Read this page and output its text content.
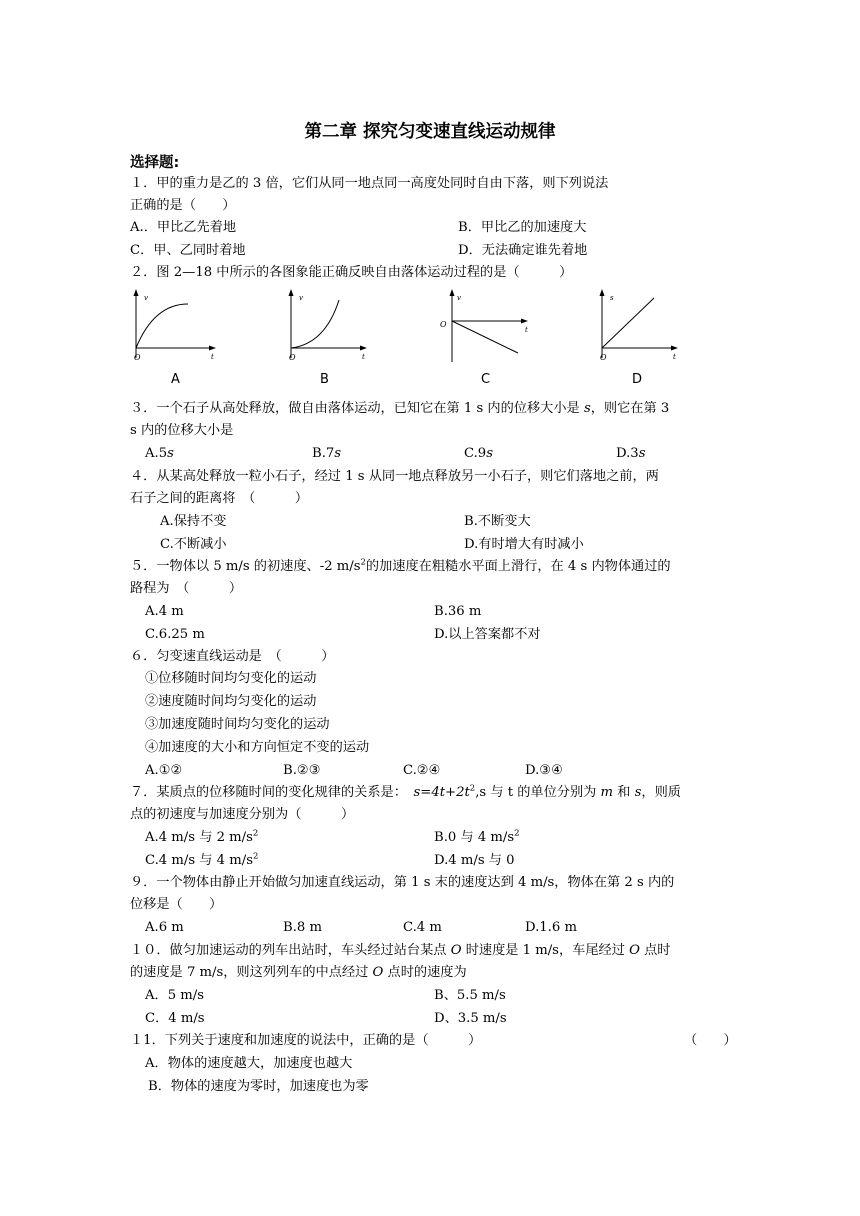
第二章 探究匀变速直线运动规律
选择题:
１．甲的重力是乙的 3 倍，它们从同一地点同一高度处同时自由下落，则下列说法
正确的是（　　）
A.．甲比乙先着地	B．甲比乙的加速度大
C．甲、乙同时着地	D．无法确定谁先着地
２．图 2—18 中所示的各图象能正确反映自由落体运动过程的是（　　　）
v
t
O
A
v
t
O
B
v
t
O
C
s
t
O
D
３．一个石子从高处释放，做自由落体运动，已知它在第 1 s 内的位移大小是 s，则它在第 3
s 内的位移大小是
A.5s	B.7s	C.9s	D.3s
４．从某高处释放一粒小石子，经过 1 s 从同一地点释放另一小石子，则它们落地之前，两
石子之间的距离将　（　　　）
A.保持不变	B.不断变大
C.不断减小	D.有时增大有时减小
５．一物体以 5 m/s 的初速度、-2 $m/s^2$的加速度在粗糙水平面上滑行，在 4 s 内物体通过的
路程为　（　　　）
A.4 m	B.36 m
C.6.25 m	D.以上答案都不对
６．匀变速直线运动是　（　　　）
①位移随时间均匀变化的运动
②速度随时间均匀变化的运动
③加速度随时间均匀变化的运动
④加速度的大小和方向恒定不变的运动
A.①②	B.②③	C.②④	D.③④
７．某质点的位移随时间的变化规律的关系是：　$s=4t+2t^2,s$ 与 t 的单位分别为 m 和 s，则质
点的初速度与加速度分别为（　　　）
A.4 m/s 与 2 $m/s^2$	B.0 与 4 $m/s^2$
C.4 m/s 与 4 $m/s^2$	D.4 m/s 与 0
９．一个物体由静止开始做匀加速直线运动，第 1 s 末的速度达到 4 m/s，物体在第 2 s 内的
位移是（　　）
A.6 m	B.8 m	C.4 m	D.1.6 m
１０．做匀加速运动的列车出站时，车头经过站台某点 O 时速度是 1 m/s，车尾经过 O 点时
的速度是 7 m/s，则这列列车的中点经过 O 点时的速度为
A．5 m/s	B、5.5 m/s
C．4 m/s	D、3.5 m/s
１1．下列关于速度和加速度的说法中，正确的是（　　　）	（　　）
A．物体的速度越大，加速度也越大
B．物体的速度为零时，加速度也为零
